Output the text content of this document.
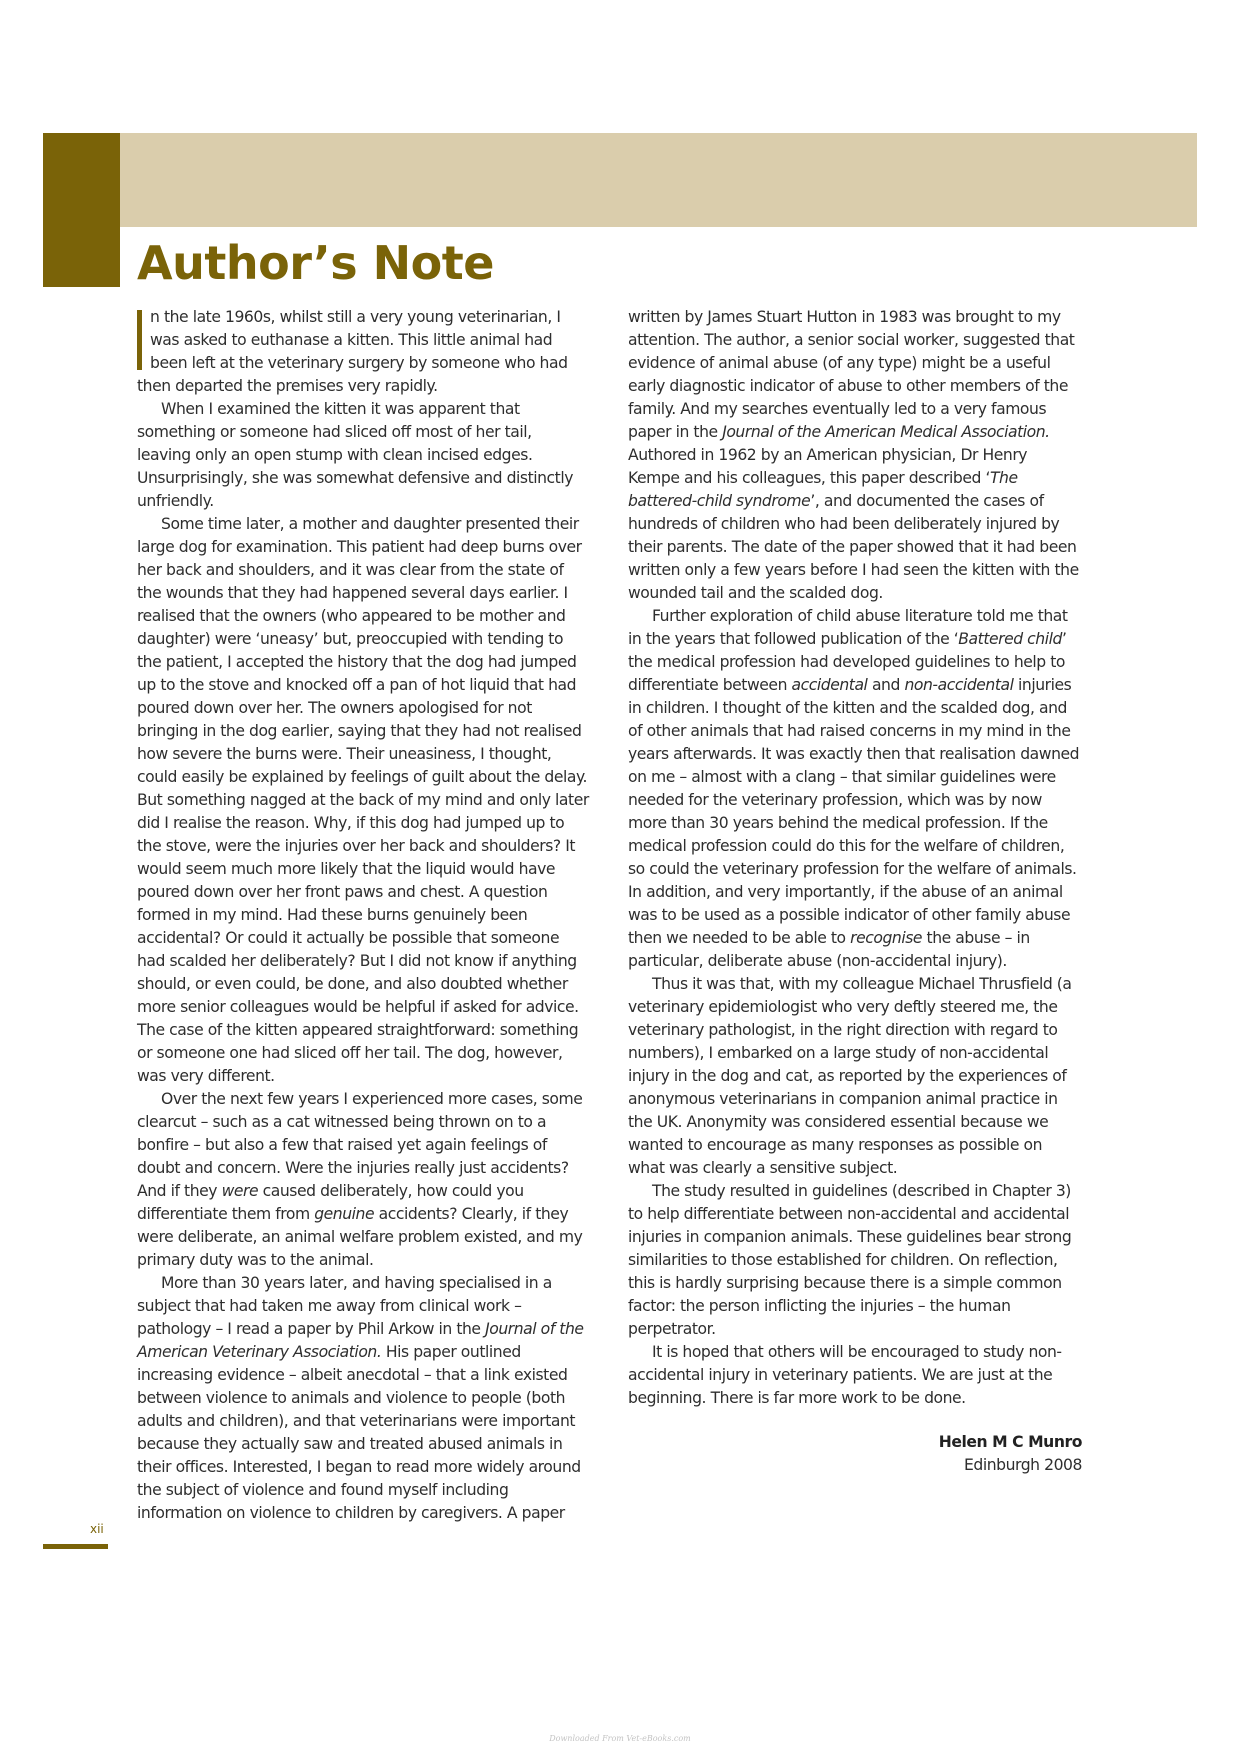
Author’s Note

n the late 1960s, whilst still a very young veterinarian, I was asked to euthanase a kitten. This little animal had been left at the veterinary surgery by someone who had then departed the premises very rapidly.

When I examined the kitten it was apparent that something or someone had sliced off most of her tail, leaving only an open stump with clean incised edges. Unsurprisingly, she was somewhat defensive and distinctly unfriendly.

Some time later, a mother and daughter presented their large dog for examination. This patient had deep burns over her back and shoulders, and it was clear from the state of the wounds that they had happened several days earlier. I realised that the owners (who appeared to be mother and daughter) were ‘uneasy’ but, preoccupied with tending to the patient, I accepted the history that the dog had jumped up to the stove and knocked off a pan of hot liquid that had poured down over her. The owners apologised for not bringing in the dog earlier, saying that they had not realised how severe the burns were. Their uneasiness, I thought, could easily be explained by feelings of guilt about the delay. But something nagged at the back of my mind and only later did I realise the reason. Why, if this dog had jumped up to the stove, were the injuries over her back and shoulders? It would seem much more likely that the liquid would have poured down over her front paws and chest. A question formed in my mind. Had these burns genuinely been accidental? Or could it actually be possible that someone had scalded her deliberately? But I did not know if anything should, or even could, be done, and also doubted whether more senior colleagues would be helpful if asked for advice. The case of the kitten appeared straightforward: something or someone one had sliced off her tail. The dog, however, was very different.

Over the next few years I experienced more cases, some clearcut – such as a cat witnessed being thrown on to a bonfire – but also a few that raised yet again feelings of doubt and concern. Were the injuries really just accidents? And if they were caused deliberately, how could you differentiate them from genuine accidents? Clearly, if they were deliberate, an animal welfare problem existed, and my primary duty was to the animal.

More than 30 years later, and having specialised in a subject that had taken me away from clinical work – pathology – I read a paper by Phil Arkow in the Journal of the American Veterinary Association. His paper outlined increasing evidence – albeit anecdotal – that a link existed between violence to animals and violence to people (both adults and children), and that veterinarians were important because they actually saw and treated abused animals in their offices. Interested, I began to read more widely around the subject of violence and found myself including information on violence to children by caregivers. A paper

written by James Stuart Hutton in 1983 was brought to my attention. The author, a senior social worker, suggested that evidence of animal abuse (of any type) might be a useful early diagnostic indicator of abuse to other members of the family. And my searches eventually led to a very famous paper in the Journal of the American Medical Association. Authored in 1962 by an American physician, Dr Henry Kempe and his colleagues, this paper described ‘The battered-child syndrome’, and documented the cases of hundreds of children who had been deliberately injured by their parents. The date of the paper showed that it had been written only a few years before I had seen the kitten with the wounded tail and the scalded dog.

Further exploration of child abuse literature told me that in the years that followed publication of the ‘Battered child’ the medical profession had developed guidelines to help to differentiate between accidental and non-accidental injuries in children. I thought of the kitten and the scalded dog, and of other animals that had raised concerns in my mind in the years afterwards. It was exactly then that realisation dawned on me – almost with a clang – that similar guidelines were needed for the veterinary profession, which was by now more than 30 years behind the medical profession. If the medical profession could do this for the welfare of children, so could the veterinary profession for the welfare of animals. In addition, and very importantly, if the abuse of an animal was to be used as a possible indicator of other family abuse then we needed to be able to recognise the abuse – in particular, deliberate abuse (non-accidental injury).

Thus it was that, with my colleague Michael Thrusfield (a veterinary epidemiologist who very deftly steered me, the veterinary pathologist, in the right direction with regard to numbers), I embarked on a large study of non-accidental injury in the dog and cat, as reported by the experiences of anonymous veterinarians in companion animal practice in the UK. Anonymity was considered essential because we wanted to encourage as many responses as possible on what was clearly a sensitive subject.

The study resulted in guidelines (described in Chapter 3) to help differentiate between non-accidental and accidental injuries in companion animals. These guidelines bear strong similarities to those established for children. On reflection, this is hardly surprising because there is a simple common factor: the person inflicting the injuries – the human perpetrator.

It is hoped that others will be encouraged to study non-accidental injury in veterinary patients. We are just at the beginning. There is far more work to be done.

Helen M C Munro
Edinburgh 2008
xii
Downloaded From Vet-eBooks.com
